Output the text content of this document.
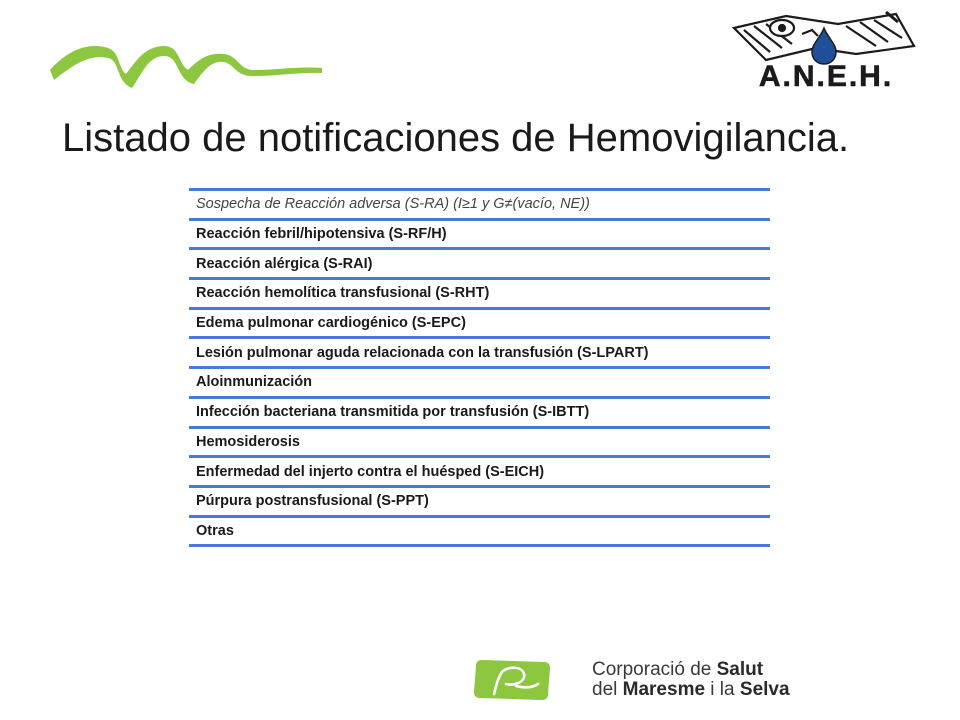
A.N.E.H.
Listado de notificaciones de Hemovigilancia.
Sospecha de Reacción adversa (S-RA) (I≥1 y G≠(vacío, NE))
Reacción febril/hipotensiva (S-RF/H)
Reacción alérgica (S-RAI)
Reacción hemolítica transfusional (S-RHT)
Edema pulmonar cardiogénico (S-EPC)
Lesión pulmonar aguda relacionada con la transfusión (S-LPART)
Aloinmunización
Infección bacteriana transmitida por transfusión (S-IBTT)
Hemosiderosis
Enfermedad del injerto contra el huésped (S-EICH)
Púrpura postransfusional (S-PPT)
Otras
Corporació de Salut
del Maresme i la Selva
